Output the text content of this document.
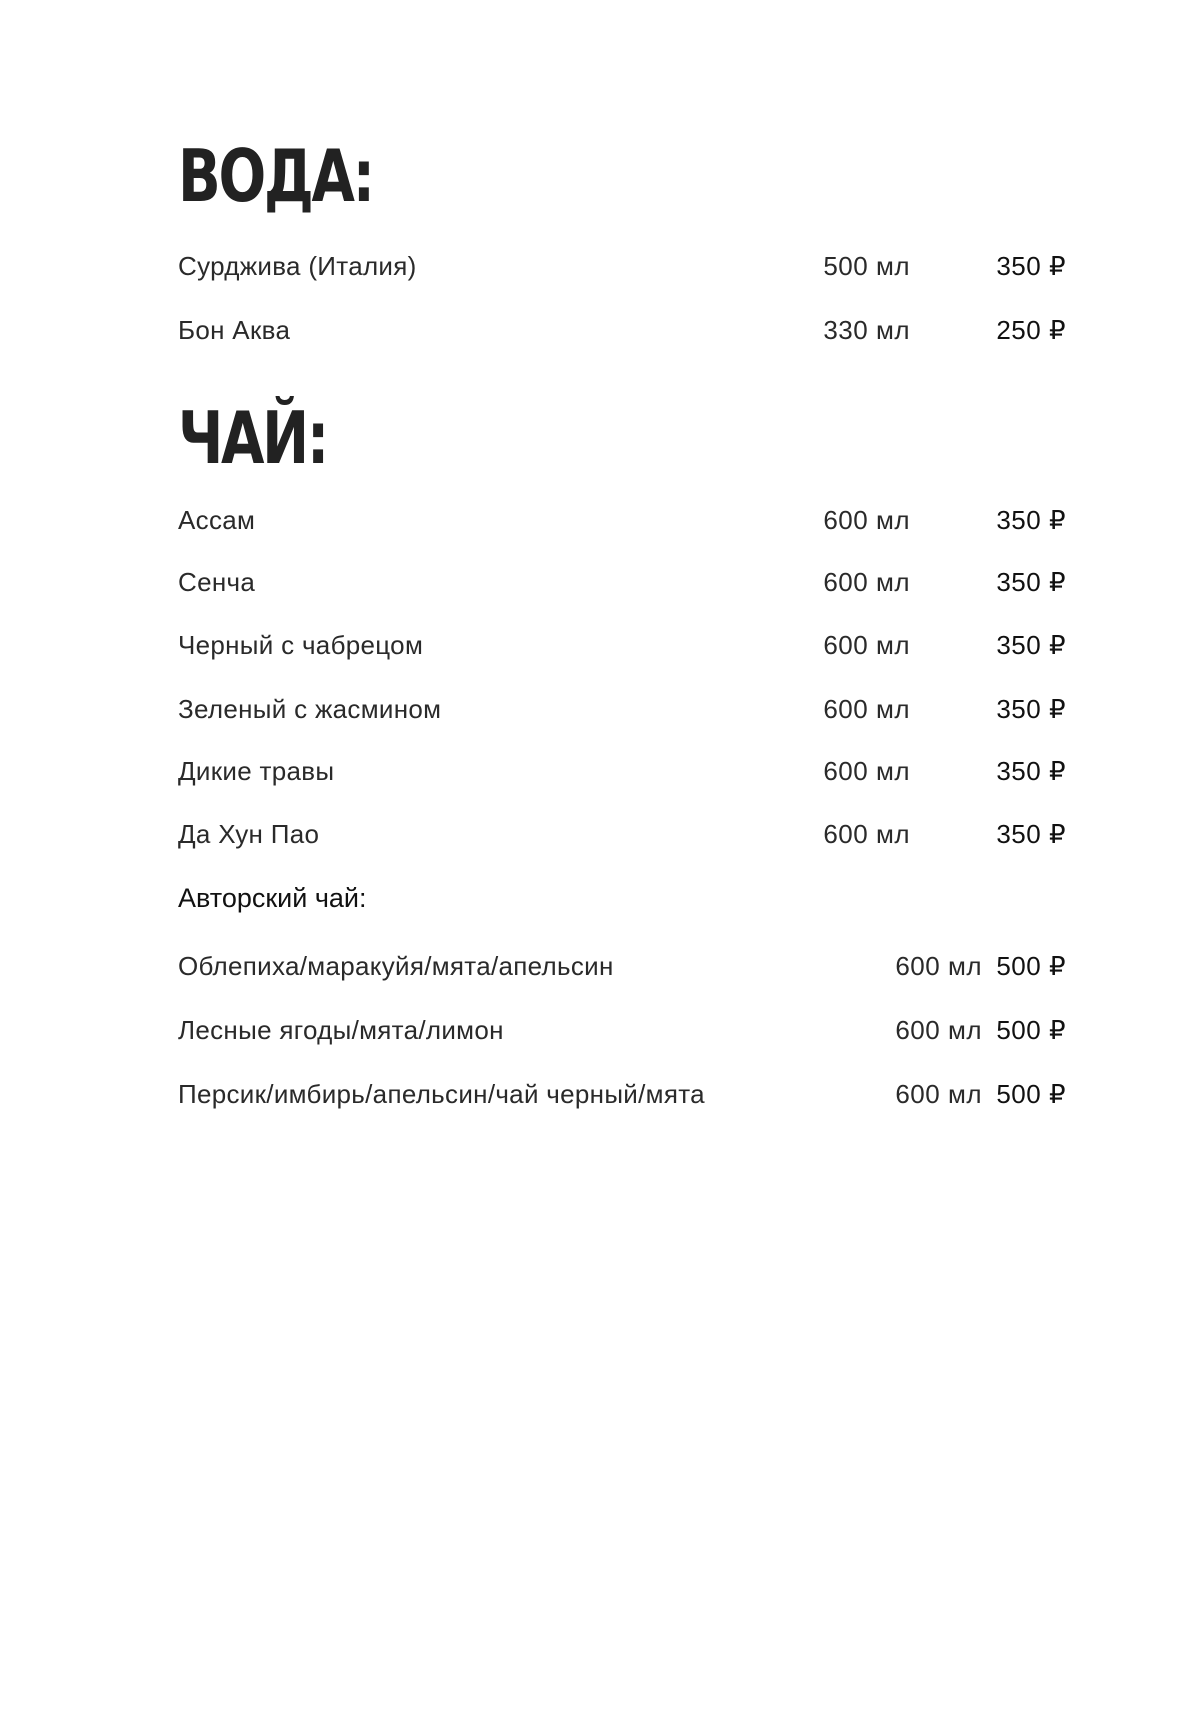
ВОДА:
Сурджива (Италия)	500 мл	350 ₽
Бон Аква	330 мл	250 ₽
ЧАЙ:
Ассам	600 мл	350 ₽
Сенча	600 мл	350 ₽
Черный с чабрецом	600 мл	350 ₽
Зеленый с жасмином	600 мл	350 ₽
Дикие травы	600 мл	350 ₽
Да Хун Пао	600 мл	350 ₽
Авторский чай:
Облепиха/маракуйя/мята/апельсин	600 мл 500 ₽
Лесные ягоды/мята/лимон	600 мл 500 ₽
Персик/имбирь/апельсин/чай черный/мята	600 мл 500 ₽
